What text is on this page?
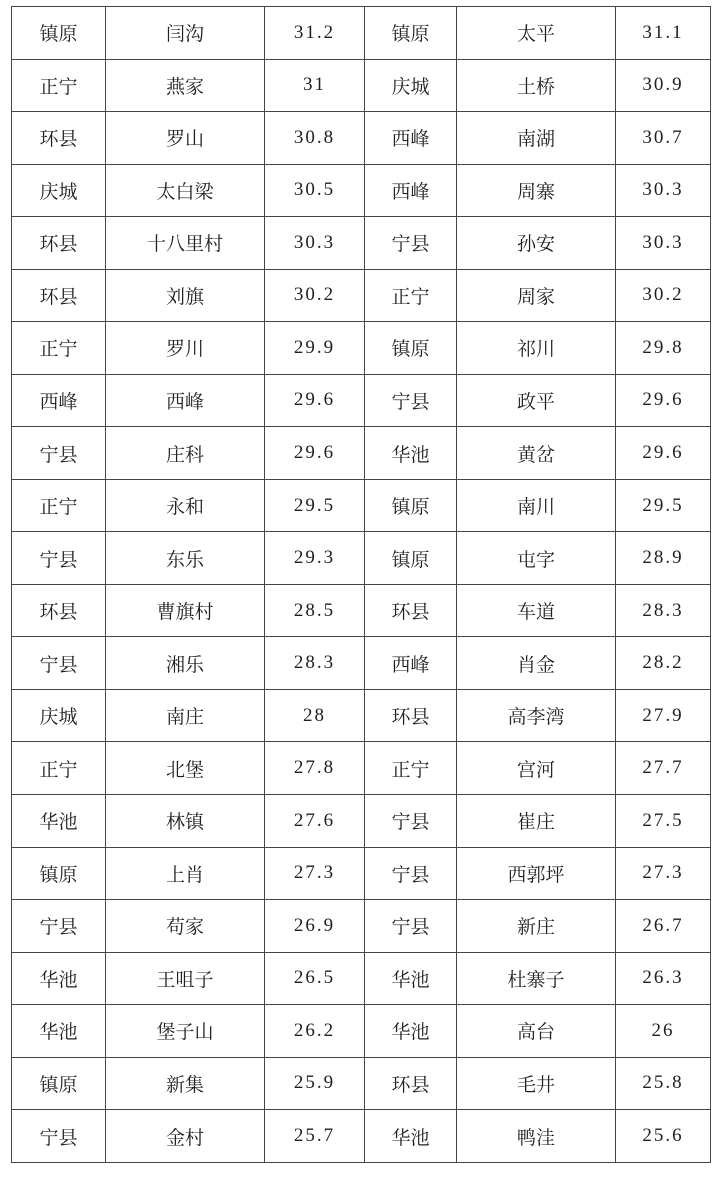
镇原	闫沟	31.2	镇原	太平	31.1
正宁	燕家	31	庆城	土桥	30.9
环县	罗山	30.8	西峰	南湖	30.7
庆城	太白梁	30.5	西峰	周寨	30.3
环县	十八里村	30.3	宁县	孙安	30.3
环县	刘旗	30.2	正宁	周家	30.2
正宁	罗川	29.9	镇原	祁川	29.8
西峰	西峰	29.6	宁县	政平	29.6
宁县	庄科	29.6	华池	黄岔	29.6
正宁	永和	29.5	镇原	南川	29.5
宁县	东乐	29.3	镇原	屯字	28.9
环县	曹旗村	28.5	环县	车道	28.3
宁县	湘乐	28.3	西峰	肖金	28.2
庆城	南庄	28	环县	高李湾	27.9
正宁	北堡	27.8	正宁	宫河	27.7
华池	林镇	27.6	宁县	崔庄	27.5
镇原	上肖	27.3	宁县	西郭坪	27.3
宁县	苟家	26.9	宁县	新庄	26.7
华池	王咀子	26.5	华池	杜寨子	26.3
华池	堡子山	26.2	华池	高台	26
镇原	新集	25.9	环县	毛井	25.8
宁县	金村	25.7	华池	鸭洼	25.6
